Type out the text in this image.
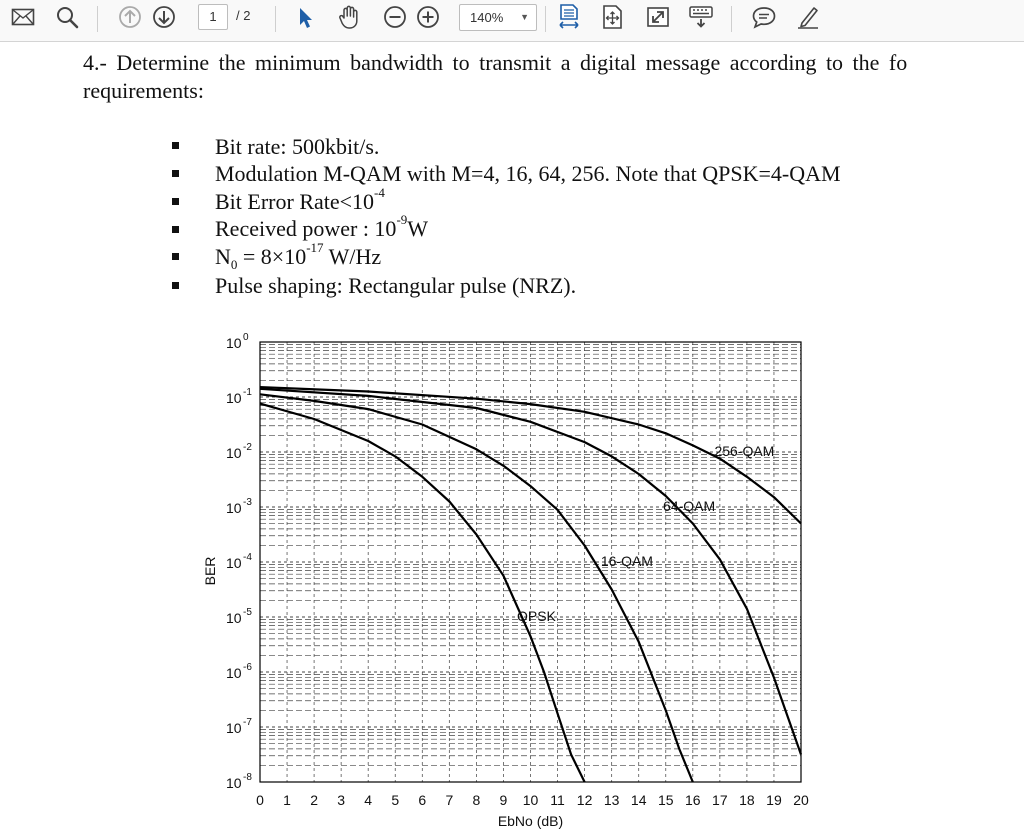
1	/ 2	140% ▼
4.- Determine the minimum bandwidth to transmit a digital message according to the fo
requirements:
Bit rate: 500kbit/s.
Modulation M-QAM with M=4, 16, 64, 256. Note that QPSK=4-QAM
Bit Error $Rate<10^{-4}$
Received power : $10^{-9}W$
$N_0 = 8\times 10^{-17}$ W/Hz
Pulse shaping: Rectangular pulse (NRZ).
0 1 2 3 4 5 6 7 8 9 10 11 12 13 14 15 16 17 18 19 20
10 0
10 -1
10 -2
10 -3
10 -4
10 -5
10 -6
10 -7
10 -8
EbNo (dB)
BER
QPSK
16-QAM
64-QAM
256-QAM
